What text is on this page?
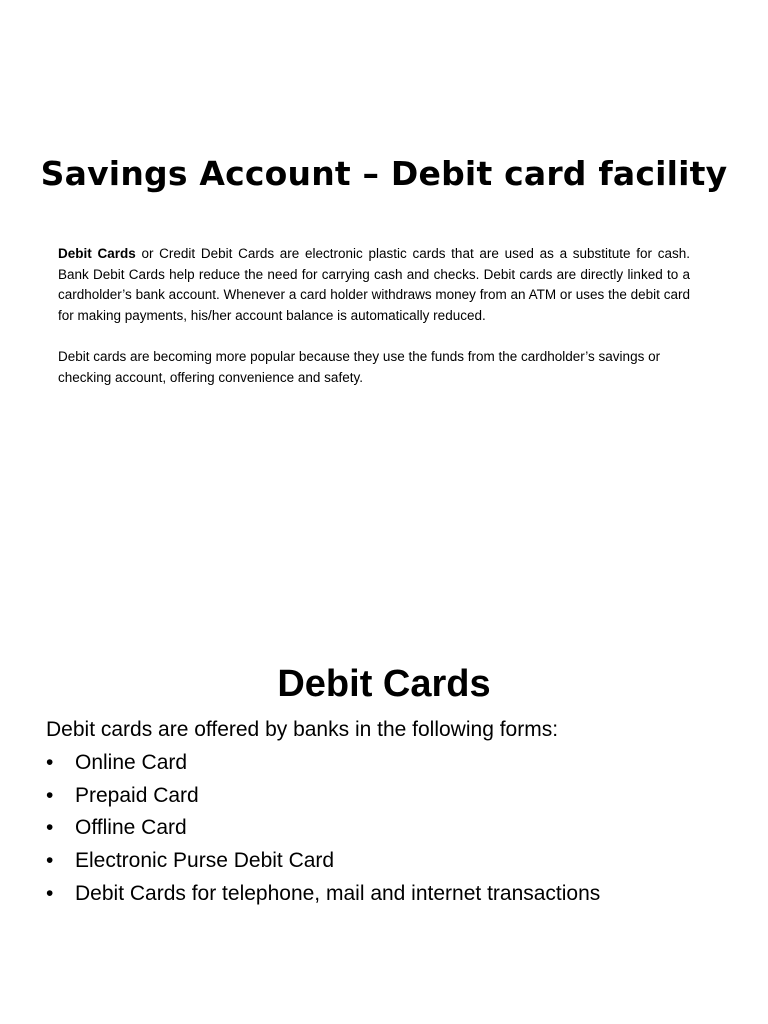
Savings Account – Debit card facility

Debit Cards or Credit Debit Cards are electronic plastic cards that are used as a substitute for cash. Bank Debit Cards help reduce the need for carrying cash and checks. Debit cards are directly linked to a cardholder’s bank account. Whenever a card holder withdraws money from an ATM or uses the debit card for making payments, his/her account balance is automatically reduced.

Debit cards are becoming more popular because they use the funds from the cardholder’s savings or checking account, offering convenience and safety.

Debit Cards
Debit cards are offered by banks in the following forms:
• Online Card
• Prepaid Card
• Offline Card
• Electronic Purse Debit Card
• Debit Cards for telephone, mail and internet transactions
